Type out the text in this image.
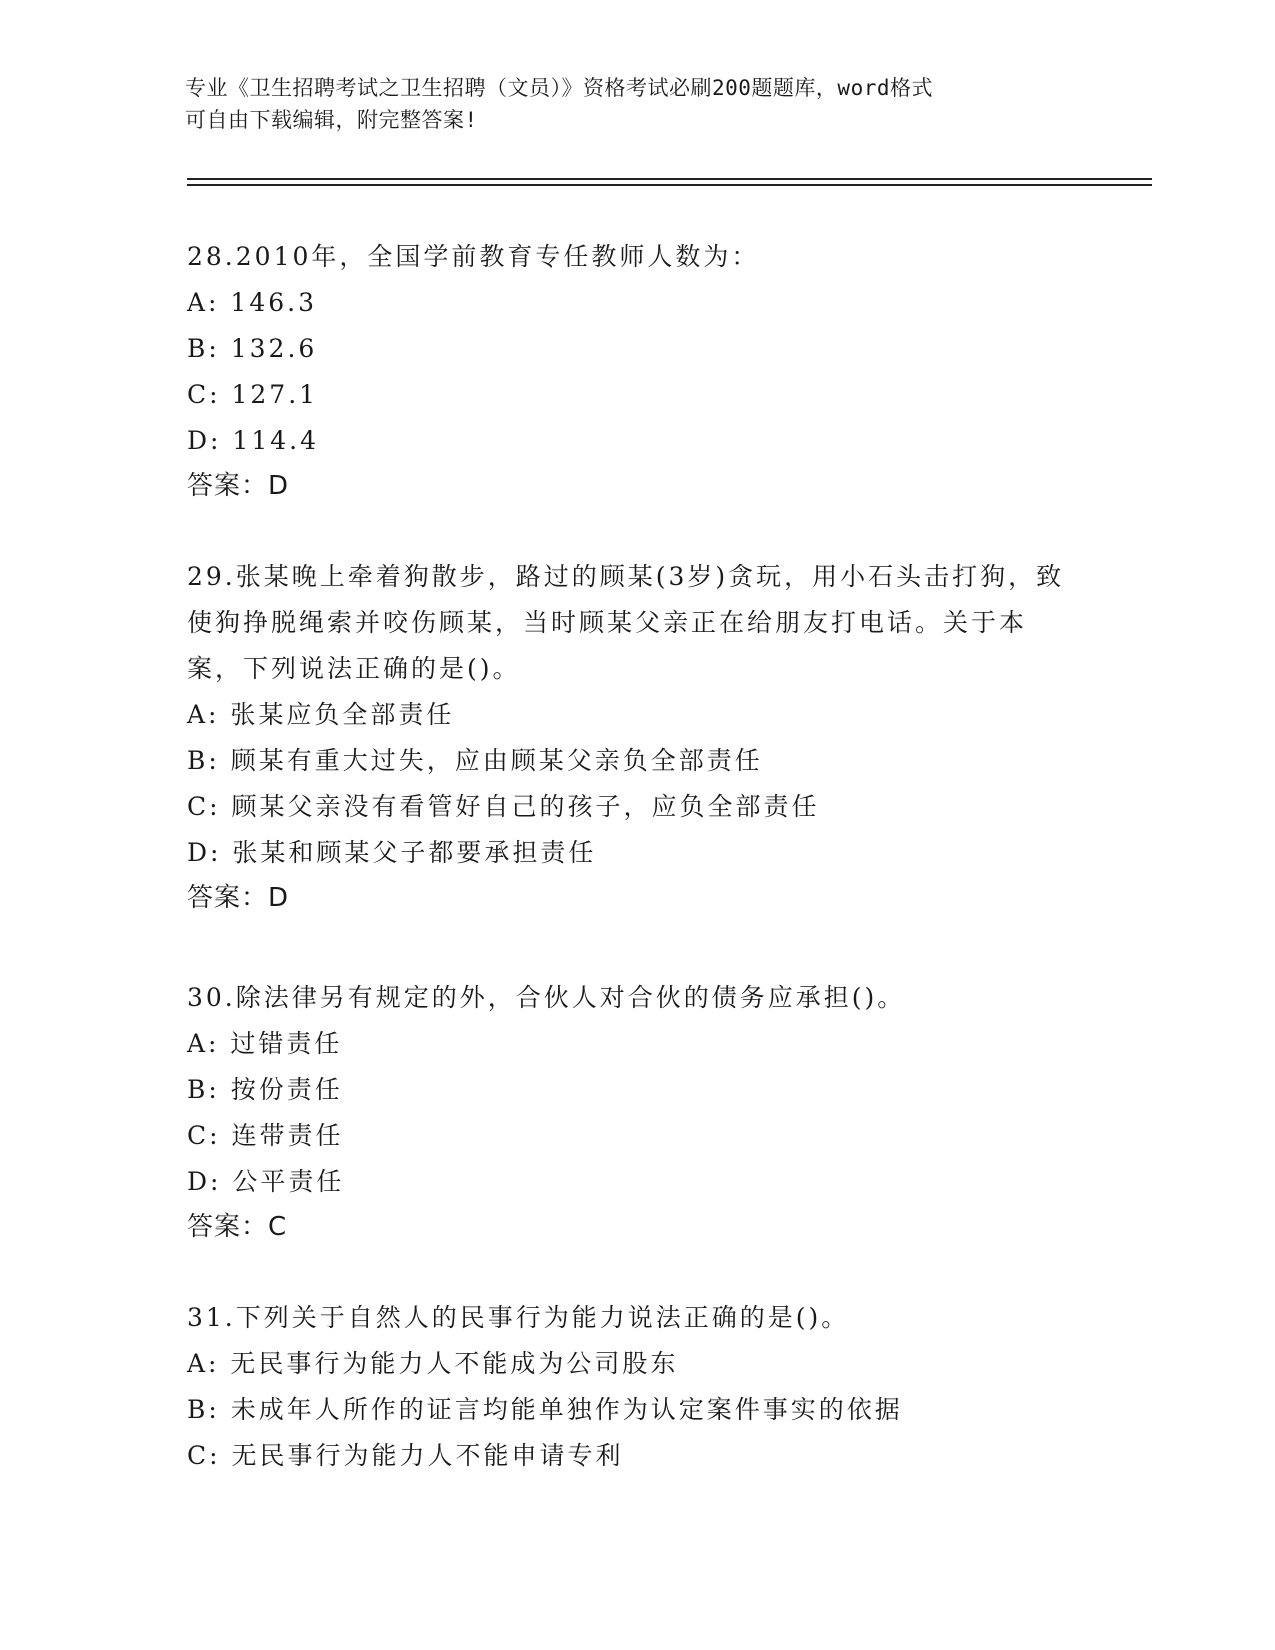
专业《卫生招聘考试之卫生招聘（文员）》资格考试必刷200题题库，word格式
可自由下载编辑，附完整答案!
28.2010年，全国学前教育专任教师人数为：
A: 146.3
B: 132.6
C: 127.1
D: 114.4
答案：D
29.张某晚上牵着狗散步，路过的顾某(3岁)贪玩，用小石头击打狗，致使狗挣脱绳索并咬伤顾某，当时顾某父亲正在给朋友打电话。关于本案，下列说法正确的是()。
A: 张某应负全部责任
B: 顾某有重大过失，应由顾某父亲负全部责任
C: 顾某父亲没有看管好自己的孩子，应负全部责任
D: 张某和顾某父子都要承担责任
答案：D
30.除法律另有规定的外，合伙人对合伙的债务应承担()。
A: 过错责任
B: 按份责任
C: 连带责任
D: 公平责任
答案：C
31.下列关于自然人的民事行为能力说法正确的是()。
A: 无民事行为能力人不能成为公司股东
B: 未成年人所作的证言均能单独作为认定案件事实的依据
C: 无民事行为能力人不能申请专利
